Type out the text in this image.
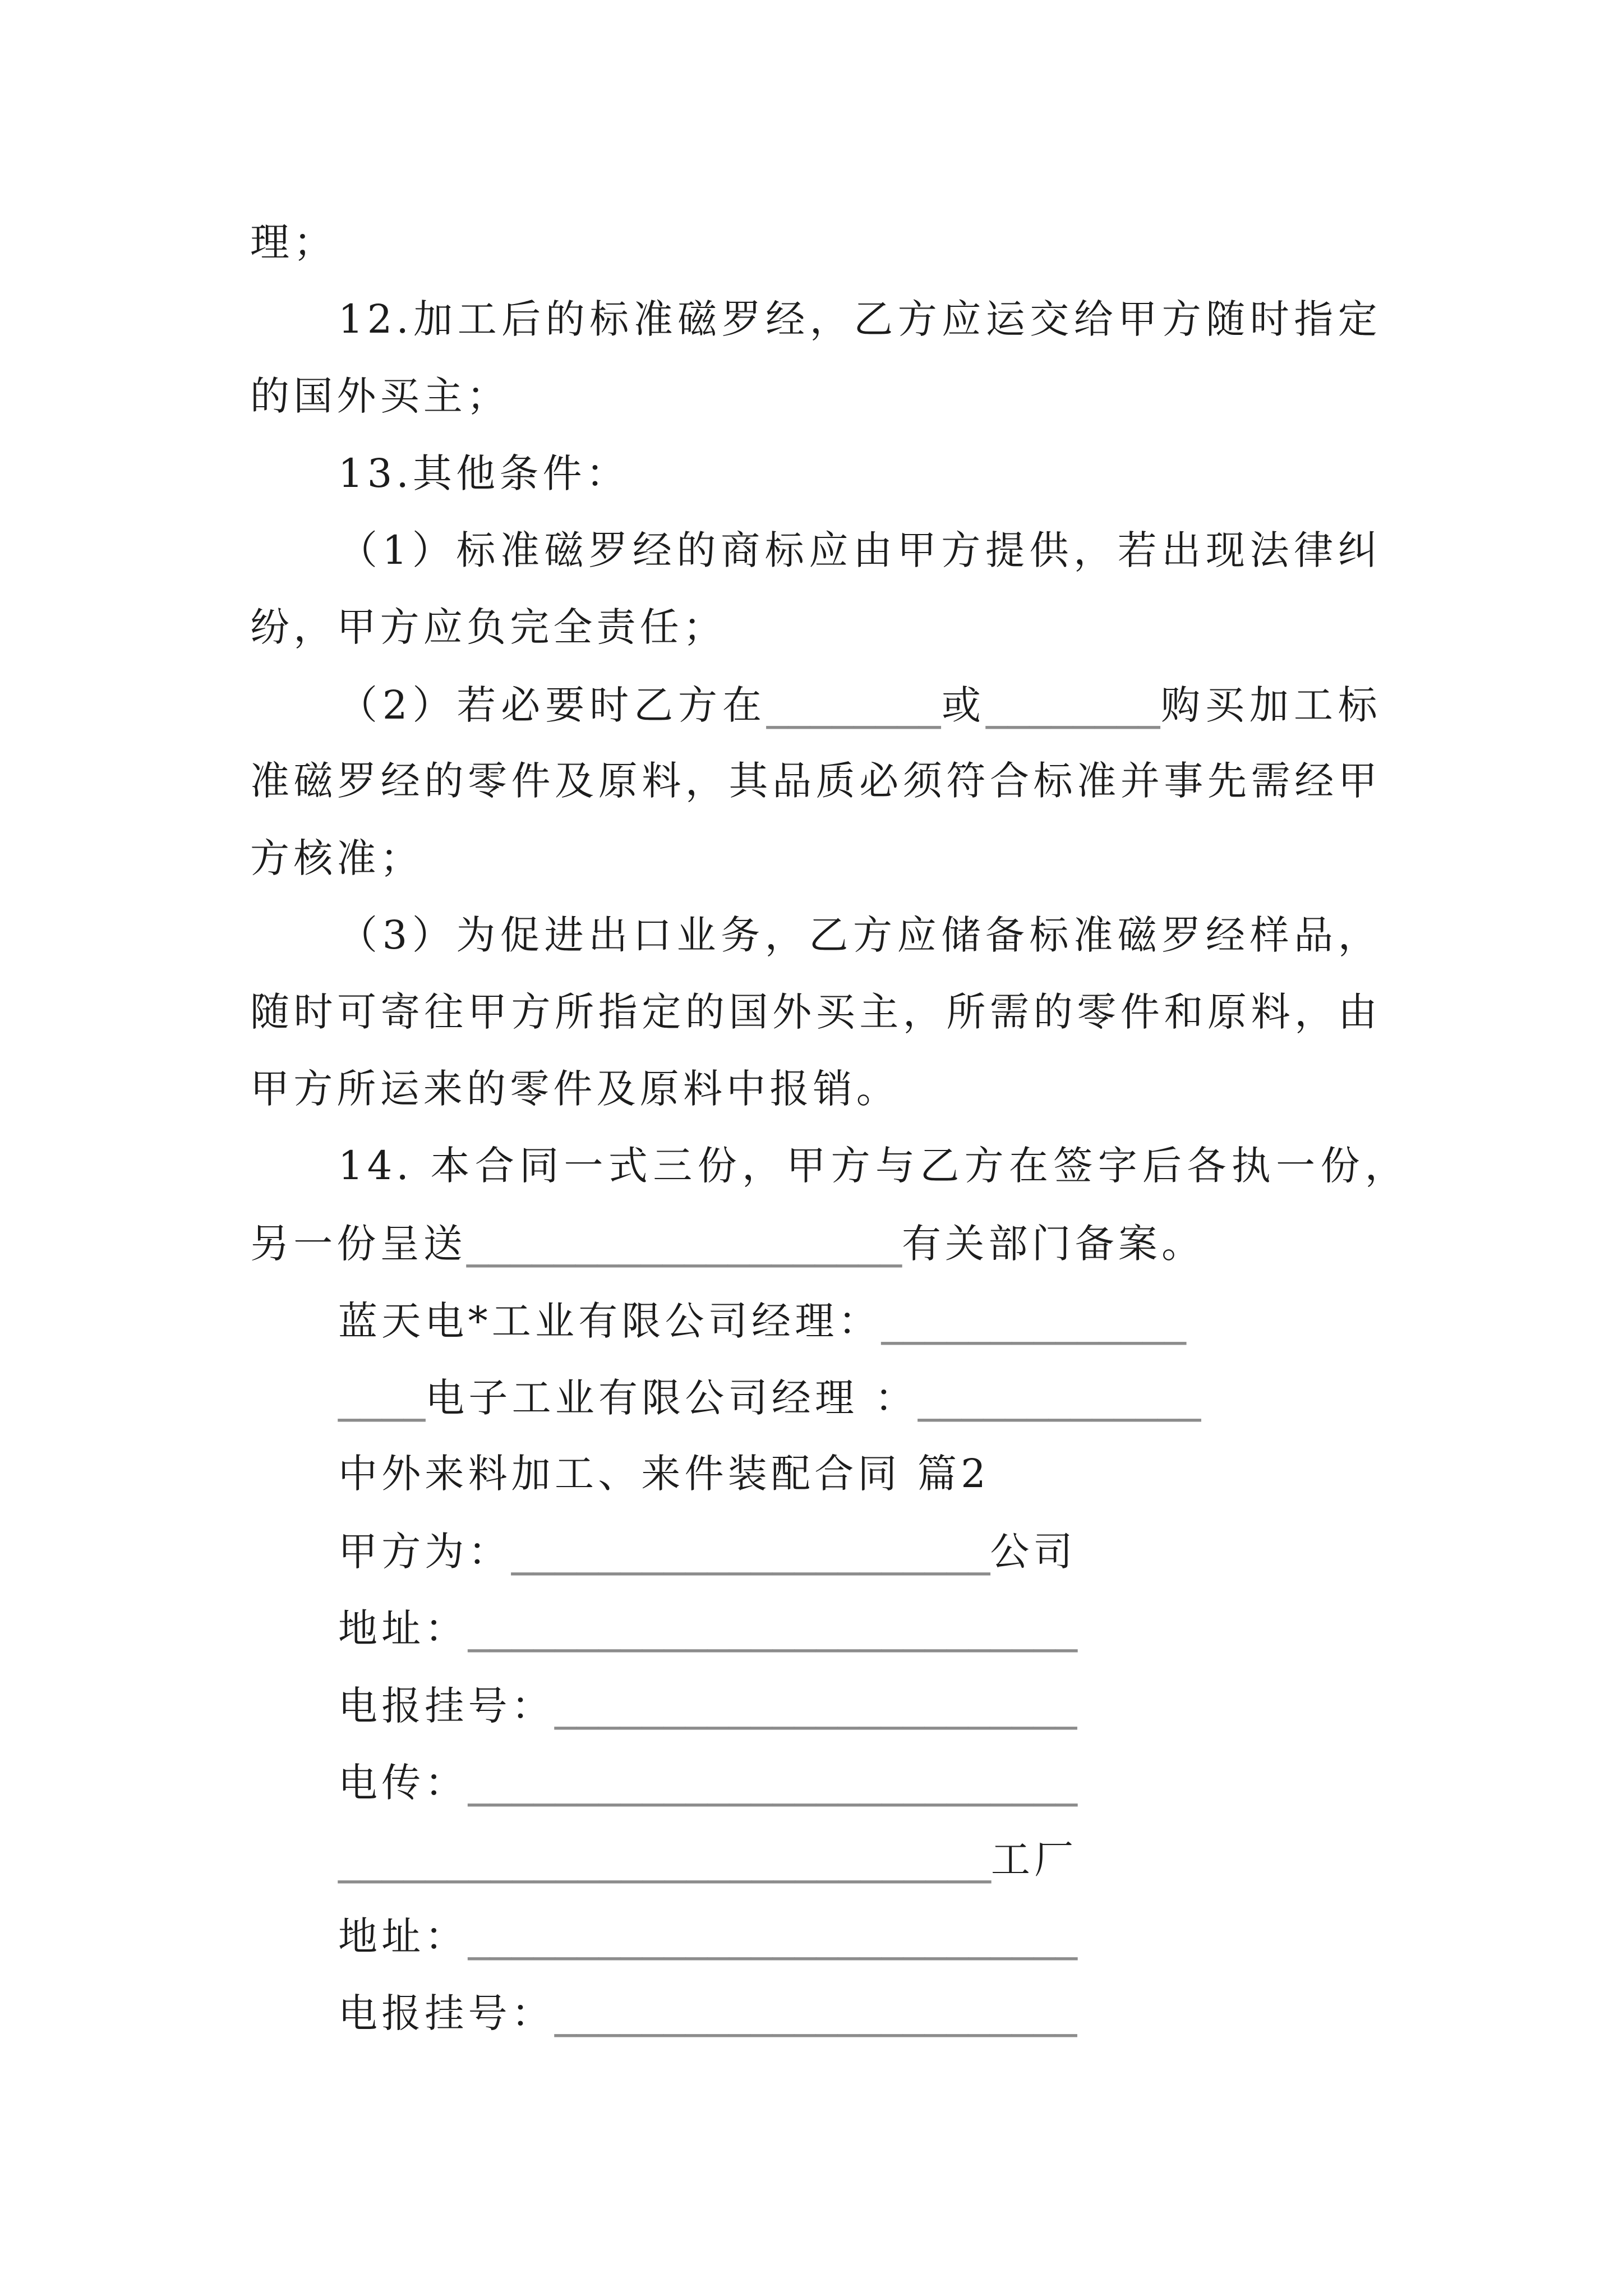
理；
12.加工后的标准磁罗经，乙方应运交给甲方随时指定
的国外买主；
13.其他条件：
（1）标准磁罗经的商标应由甲方提供，若出现法律纠
纷，甲方应负完全责任；
（2）若必要时乙方在________或________购买加工标
准磁罗经的零件及原料，其品质必须符合标准并事先需经甲
方核准；
（3）为促进出口业务，乙方应储备标准磁罗经样品，
随时可寄往甲方所指定的国外买主，所需的零件和原料，由
甲方所运来的零件及原料中报销。
14. 本合同一式三份，甲方与乙方在签字后各执一份，
另一份呈送____________________有关部门备案。
蓝天电*工业有限公司经理：______________
____电子工业有限公司经理 ：_____________
中外来料加工、来件装配合同 篇2
甲方为：______________________公司
地址：____________________________
电报挂号：________________________
电传：____________________________
______________________________工厂
地址：____________________________
电报挂号：________________________
